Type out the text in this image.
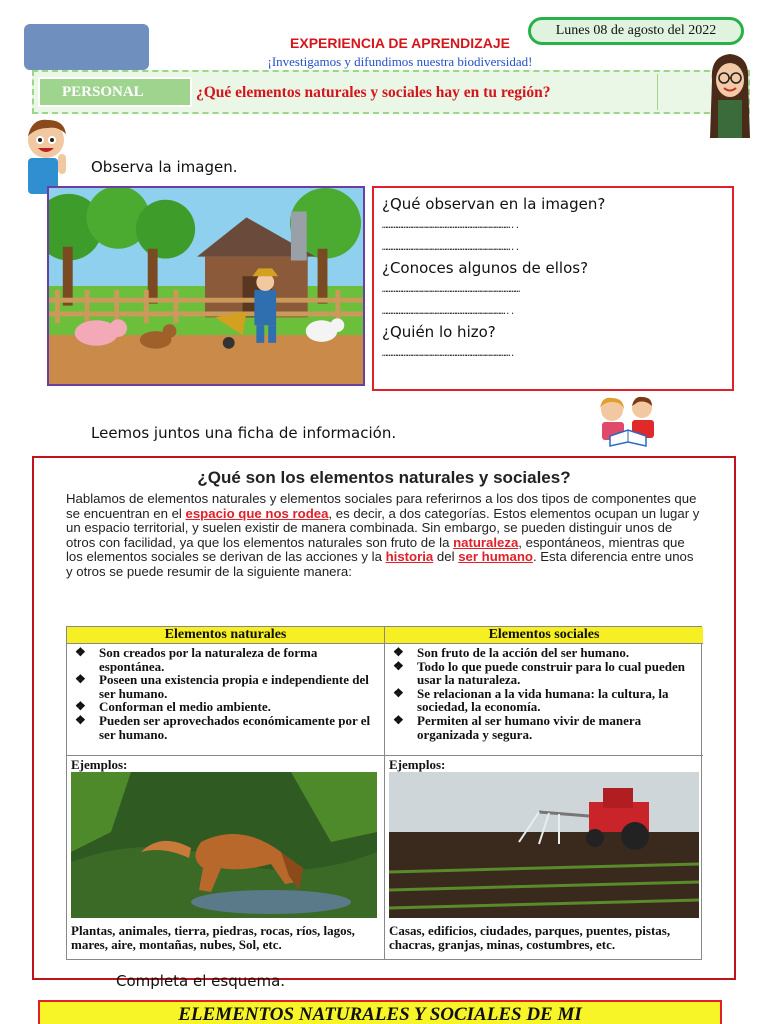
EXPERIENCIA DE APRENDIZAJE
¡Investigamos y difundimos nuestra biodiversidad!
Lunes 08 de agosto del 2022
PERSONAL	¿Qué elementos naturales y sociales hay en tu región?
Observa la imagen.
¿Qué observan en la imagen?
……………………………………………………………………..
……………………………………………………………………..
¿Conoces algunos de ellos?
…………………………………………………………………………
…………………………………………………………………..
¿Quién lo hizo?
…………………………………………………………………….
Leemos juntos una ficha de información.
¿Qué son los elementos naturales y sociales?
Hablamos de elementos naturales y elementos sociales para referirnos a los dos tipos de componentes que se encuentran en el espacio que nos rodea, es decir, a dos categorías. Estos elementos ocupan un lugar y un espacio territorial, y suelen existir de manera combinada. Sin embargo, se pueden distinguir unos de otros con facilidad, ya que los elementos naturales son fruto de la naturaleza, espontáneos, mientras que los elementos sociales se derivan de las acciones y la historia del ser humano. Esta diferencia entre unos y otros se puede resumir de la siguiente manera:
Elementos naturales
❖ Son creados por la naturaleza de forma espontánea.
❖ Poseen una existencia propia e independiente del ser humano.
❖ Conforman el medio ambiente.
❖ Pueden ser aprovechados económicamente por el ser humano.
Ejemplos:
Plantas, animales, tierra, piedras, rocas, ríos, lagos, mares, aire, montañas, nubes, Sol, etc.
Elementos sociales
❖ Son fruto de la acción del ser humano.
❖ Todo lo que puede construir para lo cual pueden usar la naturaleza.
❖ Se relacionan a la vida humana: la cultura, la sociedad, la economía.
❖ Permiten al ser humano vivir de manera organizada y segura.
Ejemplos:
Casas, edificios, ciudades, parques, puentes, pistas, chacras, granjas, minas, costumbres, etc.
Completa el esquema.
ELEMENTOS NATURALES Y SOCIALES DE MI
